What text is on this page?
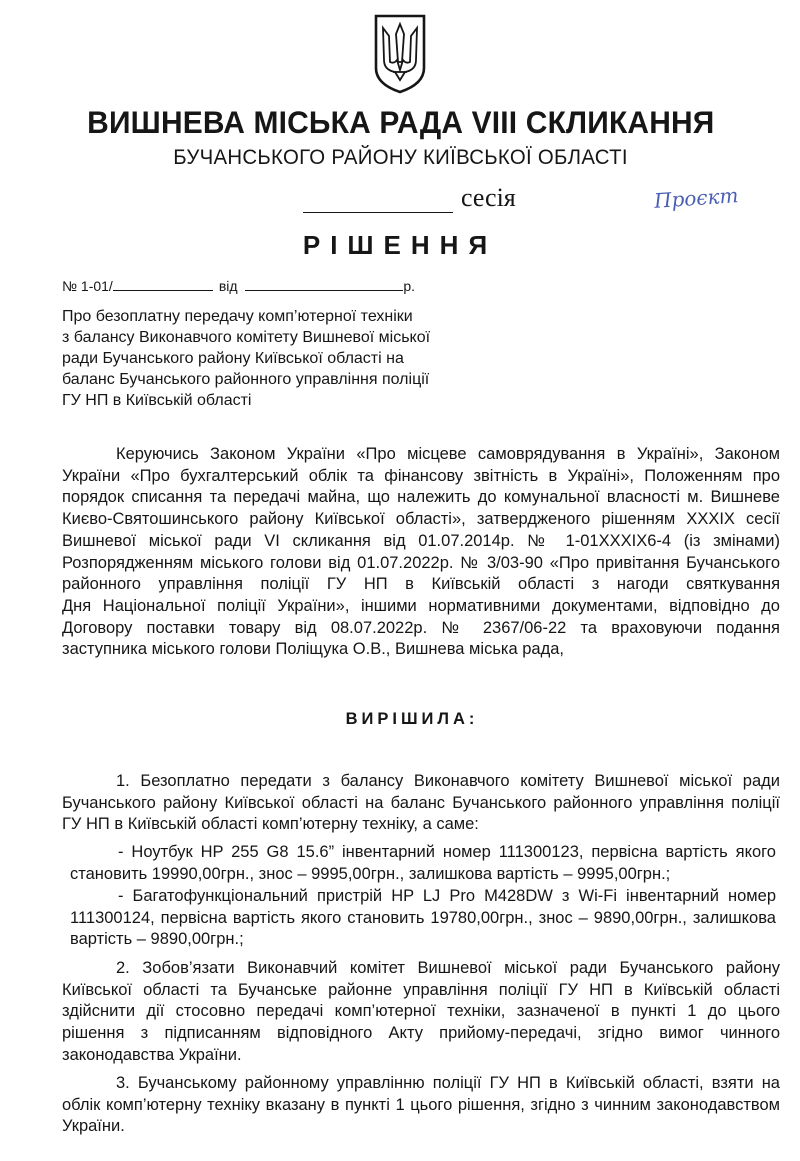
ВИШНЕВА МІСЬКА РАДА VIII СКЛИКАННЯ
БУЧАНСЬКОГО РАЙОНУ КИЇВСЬКОЇ ОБЛАСТІ
сесія	Проєкт
РІШЕННЯ
№ 1-01/	від	р.
Про безоплатну передачу комп’ютерної техніки
з балансу Виконавчого комітету Вишневої міської
ради Бучанського району Київської області на
баланс Бучанського районного управління поліції
ГУ НП в Київській області
Керуючись Законом України «Про місцеве самоврядування в Україні», Законом
України «Про бухгалтерський облік та фінансову звітність в Україні», Положенням про
порядок списання та передачі майна, що належить до комунальної власності м. Вишневе
Києво-Святошинського району Київської області», затвердженого рішенням XXXIX сесії
Вишневої міської ради VI скликання від 01.07.2014р. № 1-01XXXIX6-4 (із змінами)
Розпорядженням міського голови від 01.07.2022р. № 3/03-90 «Про привітання Бучанського
районного управління поліції ГУ НП в Київській області з нагоди святкування
Дня Національної поліції України», іншими нормативними документами, відповідно до
Договору поставки товару від 08.07.2022р. № 2367/06-22 та враховуючи подання
заступника міського голови Поліщука О.В., Вишнева міська рада,
ВИРІШИЛА:
1. Безоплатно передати з балансу Виконавчого комітету Вишневої міської ради
Бучанського району Київської області на баланс Бучанського районного управління поліції
ГУ НП в Київській області комп’ютерну техніку, а саме:
- Ноутбук HP 255 G8 15.6” інвентарний номер 111300123, первісна вартість якого
становить 19990,00грн., знос – 9995,00грн., залишкова вартість – 9995,00грн.;
- Багатофункціональний пристрій HP LJ Pro M428DW з Wi-Fi інвентарний номер
111300124, первісна вартість якого становить 19780,00грн., знос – 9890,00грн., залишкова
вартість – 9890,00грн.;
2. Зобов’язати Виконавчий комітет Вишневої міської ради Бучанського району
Київської області та Бучанське районне управління поліції ГУ НП в Київській області
здійснити дії стосовно передачі комп’ютерної техніки, зазначеної в пункті 1 до цього
рішення з підписанням відповідного Акту прийому-передачі, згідно вимог чинного
законодавства України.
3. Бучанському районному управлінню поліції ГУ НП в Київській області, взяти на
облік комп’ютерну техніку вказану в пункті 1 цього рішення, згідно з чинним законодавством
України.
